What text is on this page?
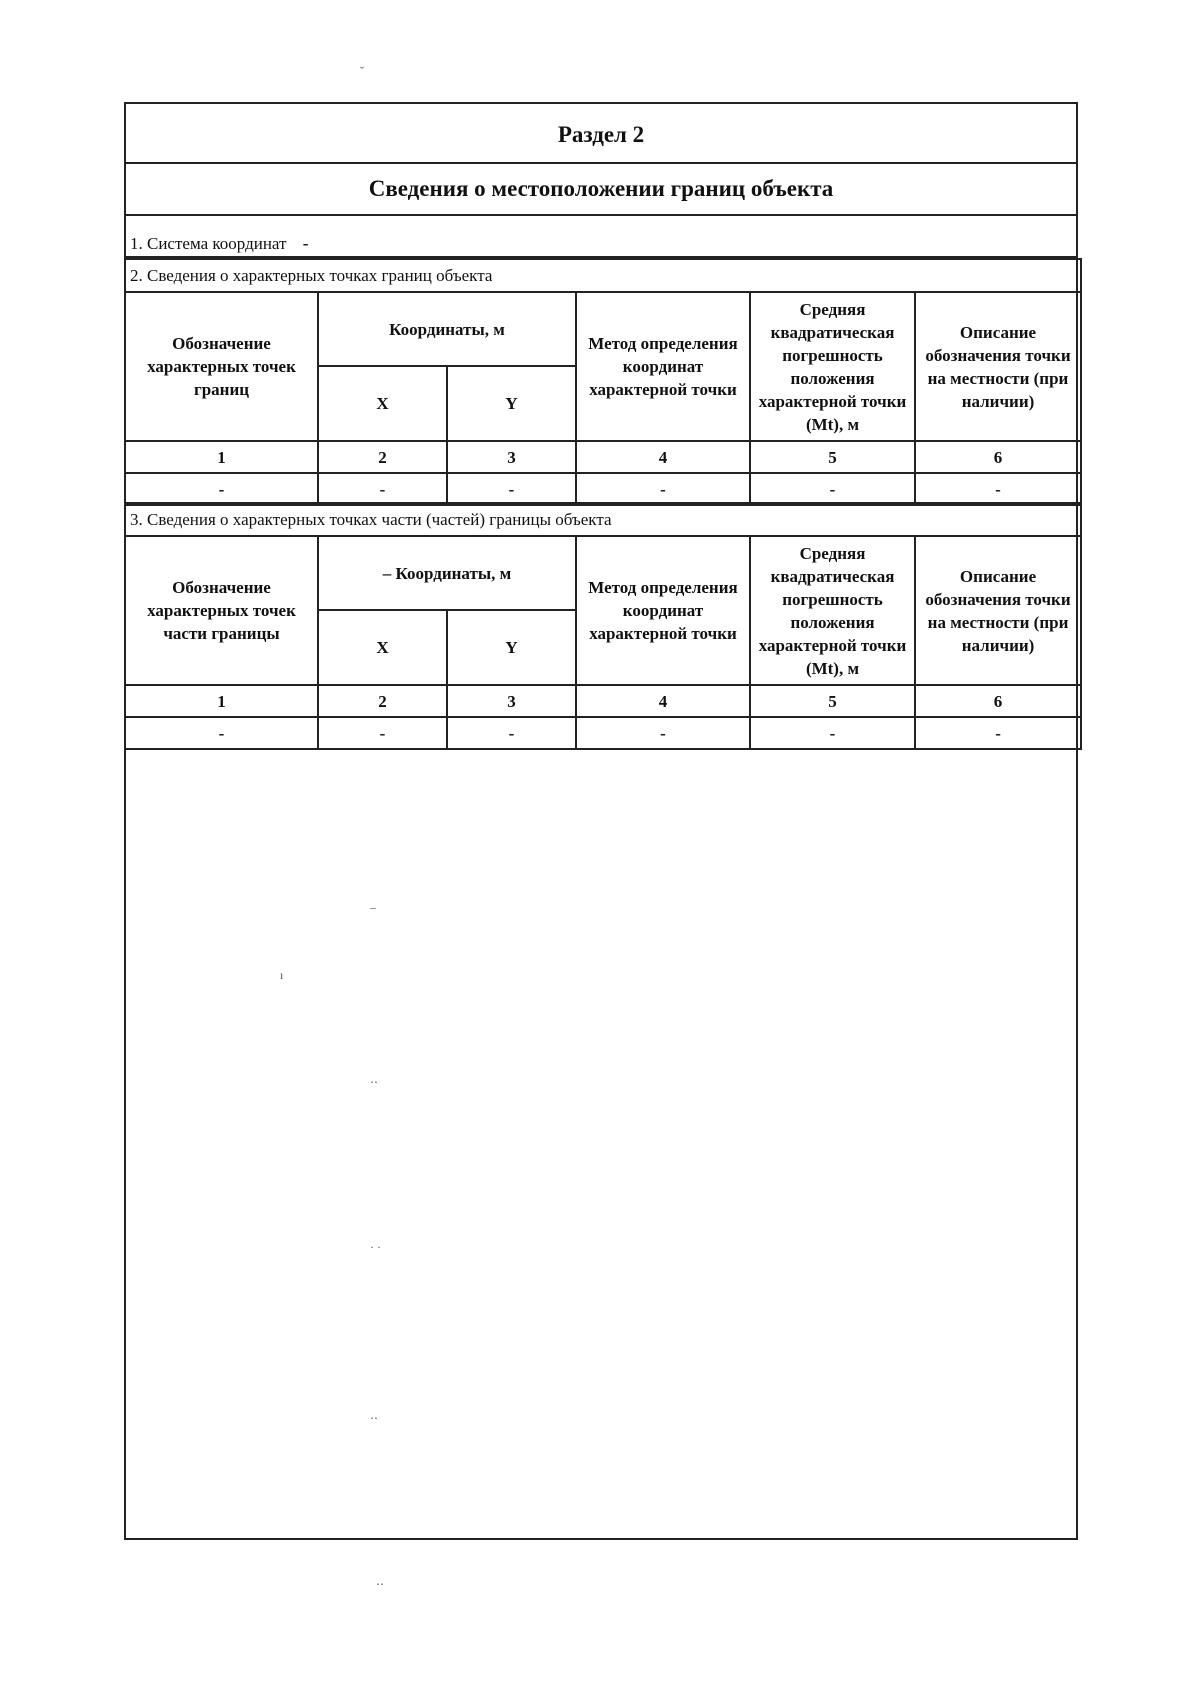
Раздел 2
Сведения о местоположении границ объекта
1. Система координат -
2. Сведения о характерных точках границ объекта					
Обозначение характерных точек границ	Координаты, м		Метод определения координат характерной точки	Средняя квадратическая погрешность положения характерной точки (Mt), м	Описание обозначения точки на местности (при наличии)
	X	Y			
1	2	3	4	5	6
-	-	-	-	-	-
3. Сведения о характерных точках части (частей) границы объекта					
Обозначение характерных точек части границы	– Координаты, м		Метод определения координат характерной точки	Средняя квадратическая погрешность положения характерной точки (Mt), м	Описание обозначения точки на местности (при наличии)
	X	Y			
1	2	3	4	5	6
-	-	-	-	-	-
ˇ
–
ı
‥
· ·
‥
‥
